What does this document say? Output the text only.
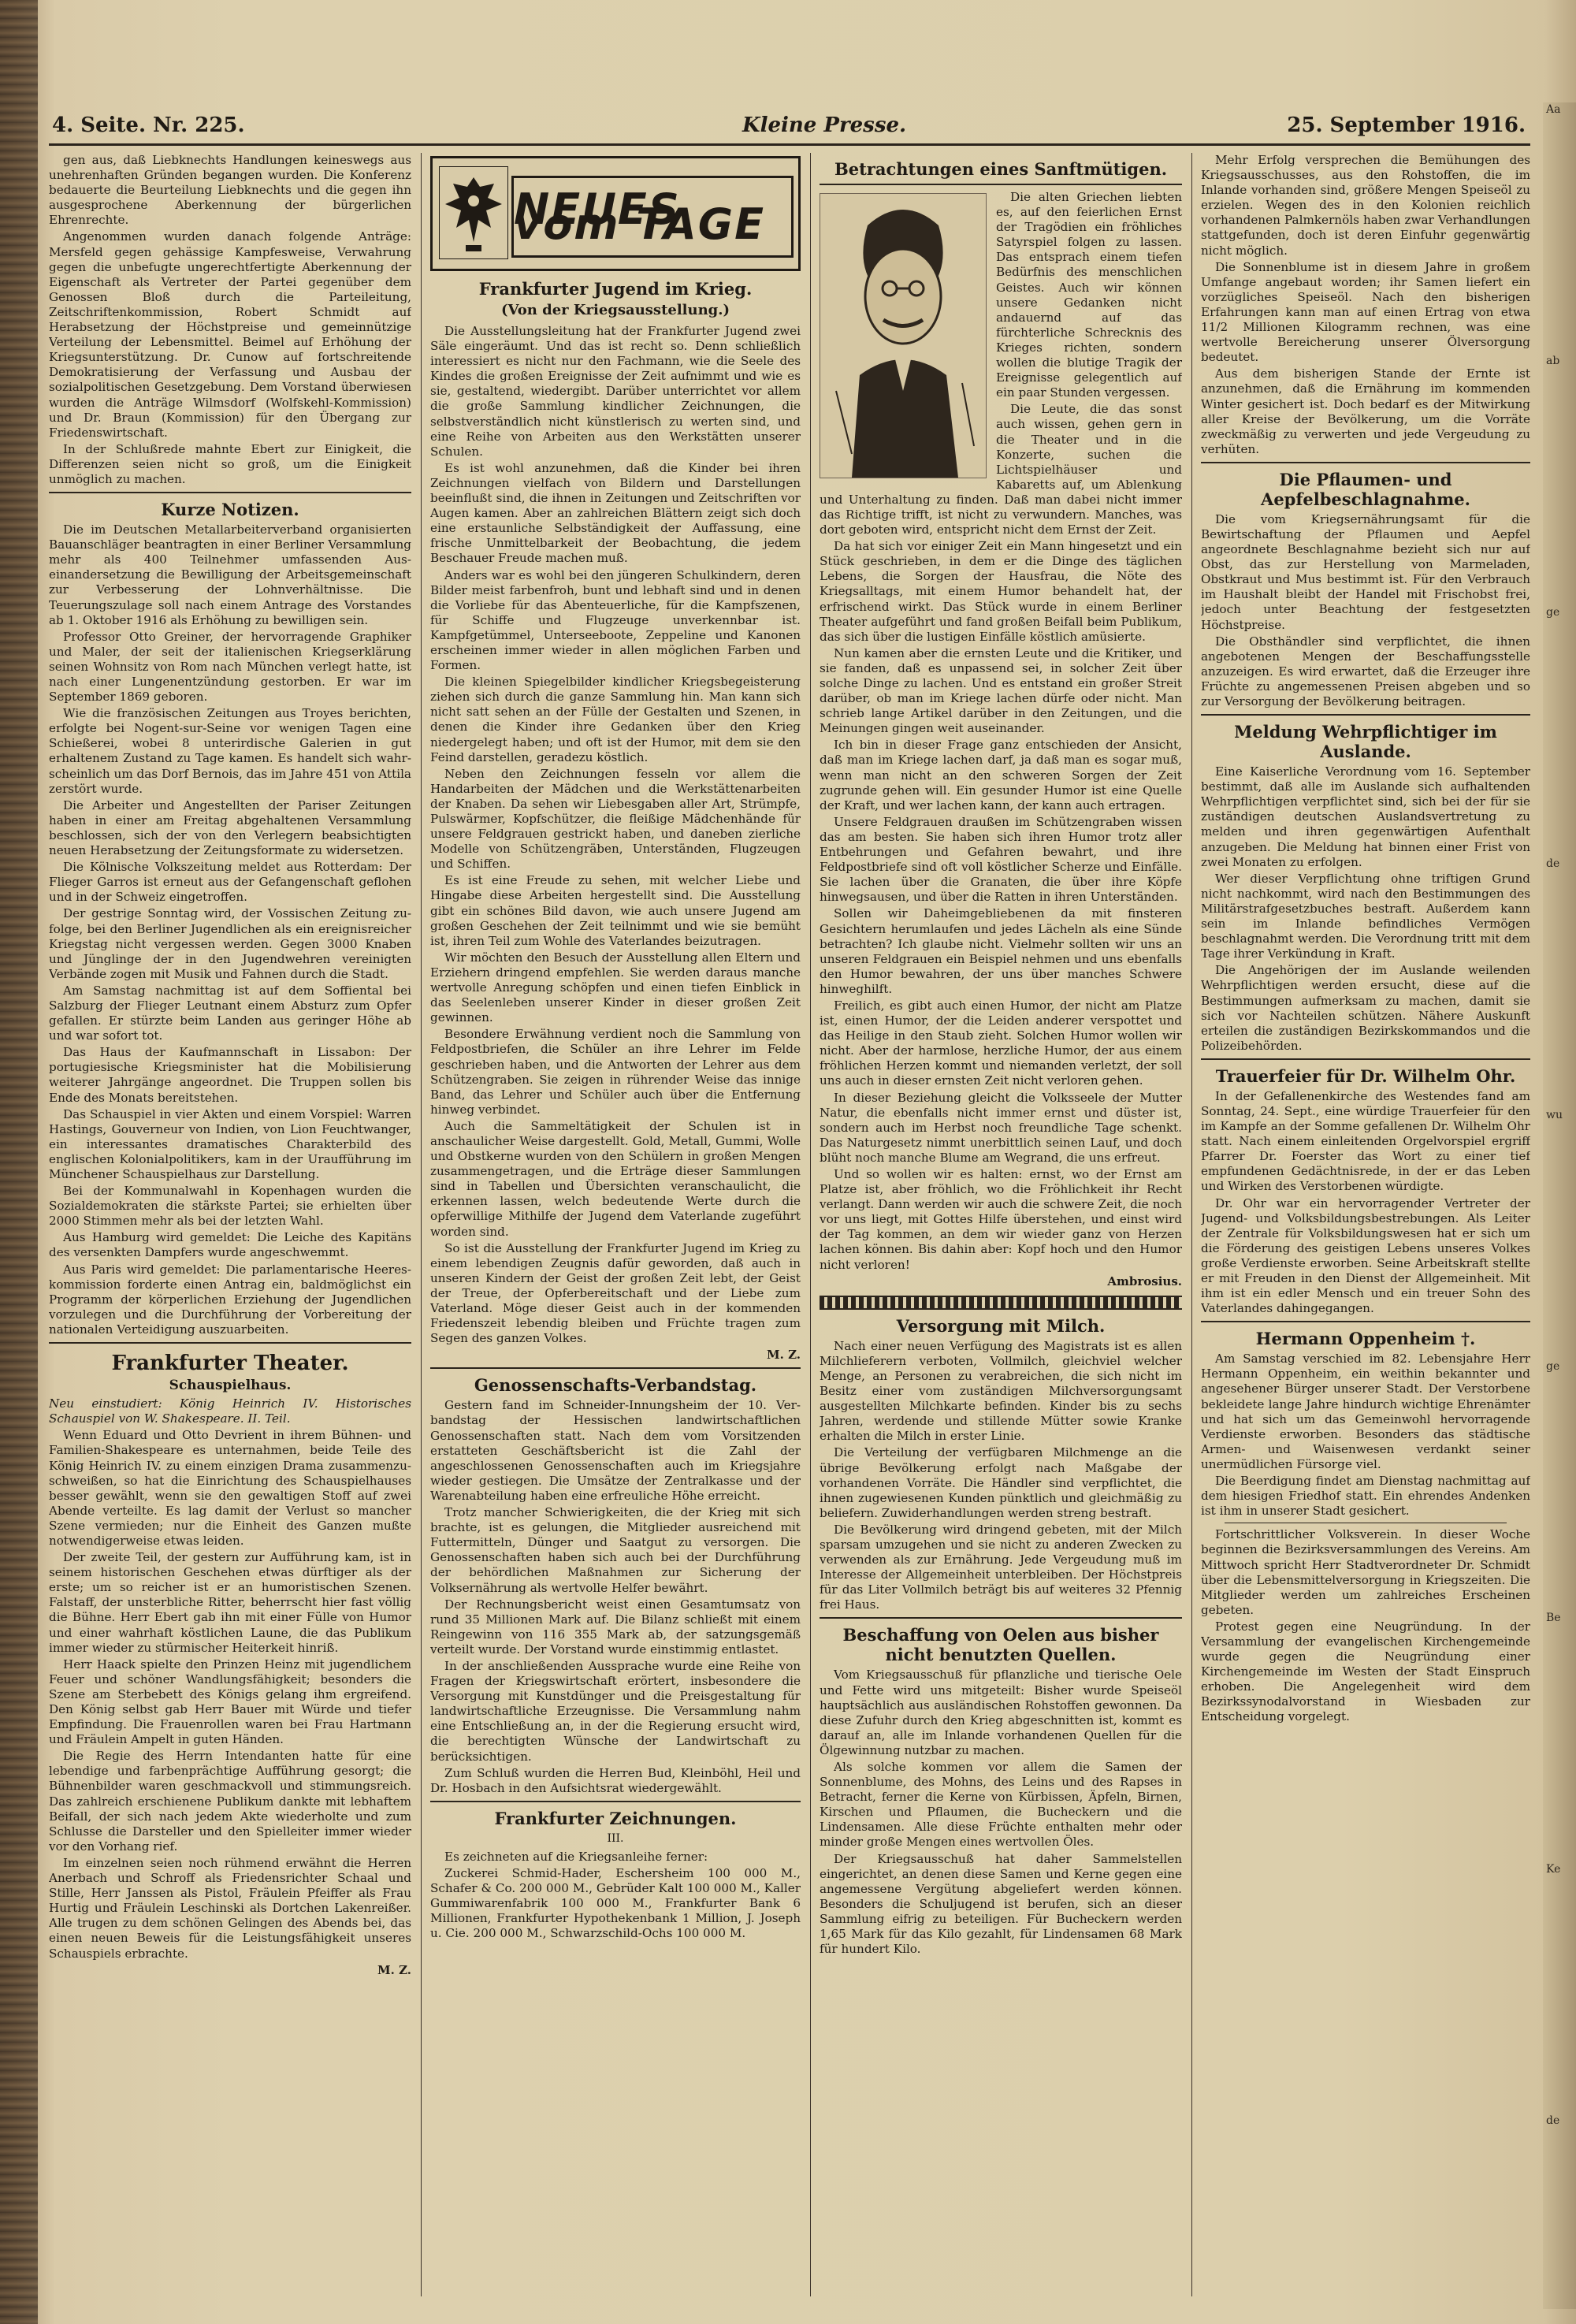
Aa
ab
ge
de
wu
ge
Be
Ke
de
4. Seite. Nr. 225.	Kleine Presse.	25. September 1916.

gen aus, daß Liebknechts Handlungen keineswegs aus unehrenhaften Gründen begangen wurden. Die Konferenz bedauerte die Beurteilung Liebknechts und die gegen ihn ausgesprochene Aberkennung der bürgerlichen Ehrenrechte.

Angenommen wurden danach folgende Anträge: Mersfeld gegen gehässige Kampfesweise, Verwahrung gegen die unbefugte ungerechtfertigte Aberkennung der Eigenschaft als Vertreter der Partei gegenüber dem Genossen Bloß durch die Parteileitung, Zeitschriftenkommission, Robert Schmidt auf Herabsetzung der Höchstpreise und gemeinnützige Verteilung der Lebensmittel. Beimel auf Erhöhung der Kriegsunterstützung. Dr. Cunow auf fortschreitende Demokratisierung der Verfassung und Ausbau der sozialpolitischen Gesetzgebung. Dem Vorstand überwiesen wurden die Anträge Wilmsdorf (Wolfskehl-Kommission) und Dr. Braun (Kommission) für den Übergang zur Friedenswirtschaft.

In der Schlußrede mahnte Ebert zur Einigkeit, die Differenzen seien nicht so groß, um die Einigkeit unmöglich zu machen.

Kurze Notizen.

Die im Deutschen Metallarbeiterverband organisierten Bauanschläger beantragten in einer Berliner Versammlung mehr als 400 Teilnehmer umfassenden Auseinandersetzung die Bewilligung der Arbeitsgemeinschaft zur Verbesserung der Lohnverhältnisse. Die Teuerungszulage soll nach einem Antrage des Vorstandes ab 1. Oktober 1916 als Erhöhung zu bewilligen sein.

Professor Otto Greiner, der hervorragende Graphiker und Maler, der seit der italienischen Kriegserklärung seinen Wohnsitz von Rom nach München verlegt hatte, ist nach einer Lungenentzündung gestorben. Er war im September 1869 geboren.

Wie die französischen Zeitungen aus Troyes berichten, erfolgte bei Nogent-sur-Seine vor wenigen Tagen eine Schießerei, wobei 8 unterirdische Galerien in gut erhaltenem Zustand zu Tage kamen. Es handelt sich wahrscheinlich um das Dorf Bernois, das im Jahre 451 von Attila zerstört wurde.

Die Arbeiter und Angestellten der Pariser Zeitungen haben in einer am Freitag abgehaltenen Versammlung beschlossen, sich der von den Verlegern beabsichtigten neuen Herabsetzung der Zeitungsformate zu widersetzen.

Die Kölnische Volkszeitung meldet aus Rotterdam: Der Flieger Garros ist erneut aus der Gefangenschaft geflohen und in der Schweiz eingetroffen.

Der gestrige Sonntag wird, der Vossischen Zeitung zufolge, bei den Berliner Jugendlichen als ein ereignisreicher Kriegstag nicht vergessen werden. Gegen 3000 Knaben und Jünglinge der in den Jugendwehren vereinigten Verbände zogen mit Musik und Fahnen durch die Stadt.

Am Samstag nachmittag ist auf dem Soffiental bei Salzburg der Flieger Leutnant einem Absturz zum Opfer gefallen. Er stürzte beim Landen aus geringer Höhe ab und war sofort tot.

Das Haus der Kaufmannschaft in Lissabon: Der portugiesische Kriegsminister hat die Mobilisierung weiterer Jahrgänge angeordnet. Die Truppen sollen bis Ende des Monats bereitstehen.

Das Schauspiel in vier Akten und einem Vorspiel: Warren Hastings, Gouverneur von Indien, von Lion Feuchtwanger, ein interessantes dramatisches Charakterbild des englischen Kolonialpolitikers, kam in der Uraufführung im Münchener Schauspielhaus zur Darstellung.

Bei der Kommunalwahl in Kopenhagen wurden die Sozialdemokraten die stärkste Partei; sie erhielten über 2000 Stimmen mehr als bei der letzten Wahl.

Aus Hamburg wird gemeldet: Die Leiche des Kapitäns des versenkten Dampfers wurde angeschwemmt.

Aus Paris wird gemeldet: Die parlamentarische Heereskommission forderte einen Antrag ein, baldmöglichst ein Programm der körperlichen Erziehung der Jugendlichen vorzulegen und die Durchführung der Vorbereitung der nationalen Verteidigung auszuarbeiten.

Frankfurter Theater.
Schauspielhaus.

Neu einstudiert: König Heinrich IV. Historisches Schauspiel von W. Shakespeare. II. Teil.

Wenn Eduard und Otto Devrient in ihrem Bühnen- und Familien-Shakespeare es unternahmen, beide Teile des König Heinrich IV. zu einem einzigen Drama zusammenzuschweißen, so hat die Einrichtung des Schauspielhauses besser gewählt, wenn sie den gewaltigen Stoff auf zwei Abende verteilte. Es lag damit der Verlust so mancher Szene vermieden; nur die Einheit des Ganzen mußte notwendigerweise etwas leiden.

Der zweite Teil, der gestern zur Aufführung kam, ist in seinem historischen Geschehen etwas dürftiger als der erste; um so reicher ist er an humoristischen Szenen. Falstaff, der unsterbliche Ritter, beherrscht hier fast völlig die Bühne. Herr Ebert gab ihn mit einer Fülle von Humor und einer wahrhaft köstlichen Laune, die das Publikum immer wieder zu stürmischer Heiterkeit hinriß.

Herr Haack spielte den Prinzen Heinz mit jugendlichem Feuer und schöner Wandlungsfähigkeit; besonders die Szene am Sterbebett des Königs gelang ihm ergreifend. Den König selbst gab Herr Bauer mit Würde und tiefer Empfindung. Die Frauenrollen waren bei Frau Hartmann und Fräulein Ampelt in guten Händen.

Die Regie des Herrn Intendanten hatte für eine lebendige und farbenprächtige Aufführung gesorgt; die Bühnenbilder waren geschmackvoll und stimmungsreich. Das zahlreich erschienene Publikum dankte mit lebhaftem Beifall, der sich nach jedem Akte wiederholte und zum Schlusse die Darsteller und den Spielleiter immer wieder vor den Vorhang rief.

Im einzelnen seien noch rühmend erwähnt die Herren Anerbach und Schroff als Friedensrichter Schaal und Stille, Herr Janssen als Pistol, Fräulein Pfeiffer als Frau Hurtig und Fräulein Leschinski als Dortchen Lakenreißer. Alle trugen zu dem schönen Gelingen des Abends bei, das einen neuen Beweis für die Leistungsfähigkeit unseres Schauspiels erbrachte.

M. Z.
NEUES vom TAGE
Frankfurter Jugend im Krieg.
(Von der Kriegsausstellung.)

Die Ausstellungsleitung hat der Frankfurter Jugend zwei Säle eingeräumt. Und das ist recht so. Denn schließlich interessiert es nicht nur den Fachmann, wie die Seele des Kindes die großen Ereignisse der Zeit aufnimmt und wie es sie, gestaltend, wiedergibt. Darüber unterrichtet vor allem die große Sammlung kindlicher Zeichnungen, die selbstverständlich nicht künstlerisch zu werten sind, und eine Reihe von Arbeiten aus den Werkstätten unserer Schulen.

Es ist wohl anzunehmen, daß die Kinder bei ihren Zeichnungen vielfach von Bildern und Darstellungen beeinflußt sind, die ihnen in Zeitungen und Zeitschriften vor Augen kamen. Aber an zahlreichen Blättern zeigt sich doch eine erstaunliche Selbständigkeit der Auffassung, eine frische Unmittelbarkeit der Beobachtung, die jedem Beschauer Freude machen muß.

Anders war es wohl bei den jüngeren Schulkindern, deren Bilder meist farbenfroh, bunt und lebhaft sind und in denen die Vorliebe für das Abenteuerliche, für die Kampfszenen, für Schiffe und Flugzeuge unverkennbar ist. Kampfgetümmel, Unterseeboote, Zeppeline und Kanonen erscheinen immer wieder in allen möglichen Farben und Formen.

Die kleinen Spiegelbilder kindlicher Kriegsbegeisterung ziehen sich durch die ganze Sammlung hin. Man kann sich nicht satt sehen an der Fülle der Gestalten und Szenen, in denen die Kinder ihre Gedanken über den Krieg niedergelegt haben; und oft ist der Humor, mit dem sie den Feind darstellen, geradezu köstlich.

Neben den Zeichnungen fesseln vor allem die Handarbeiten der Mädchen und die Werkstättenarbeiten der Knaben. Da sehen wir Liebesgaben aller Art, Strümpfe, Pulswärmer, Kopfschützer, die fleißige Mädchenhände für unsere Feldgrauen gestrickt haben, und daneben zierliche Modelle von Schützengräben, Unterständen, Flugzeugen und Schiffen.

Es ist eine Freude zu sehen, mit welcher Liebe und Hingabe diese Arbeiten hergestellt sind. Die Ausstellung gibt ein schönes Bild davon, wie auch unsere Jugend am großen Geschehen der Zeit teilnimmt und wie sie bemüht ist, ihren Teil zum Wohle des Vaterlandes beizutragen.

Wir möchten den Besuch der Ausstellung allen Eltern und Erziehern dringend empfehlen. Sie werden daraus manche wertvolle Anregung schöpfen und einen tiefen Einblick in das Seelenleben unserer Kinder in dieser großen Zeit gewinnen.

Besondere Erwähnung verdient noch die Sammlung von Feldpostbriefen, die Schüler an ihre Lehrer im Felde geschrieben haben, und die Antworten der Lehrer aus dem Schützengraben. Sie zeigen in rührender Weise das innige Band, das Lehrer und Schüler auch über die Entfernung hinweg verbindet.

Auch die Sammeltätigkeit der Schulen ist in anschaulicher Weise dargestellt. Gold, Metall, Gummi, Wolle und Obstkerne wurden von den Schülern in großen Mengen zusammengetragen, und die Erträge dieser Sammlungen sind in Tabellen und Übersichten veranschaulicht, die erkennen lassen, welch bedeutende Werte durch die opferwillige Mithilfe der Jugend dem Vaterlande zugeführt worden sind.

So ist die Ausstellung der Frankfurter Jugend im Krieg zu einem lebendigen Zeugnis dafür geworden, daß auch in unseren Kindern der Geist der großen Zeit lebt, der Geist der Treue, der Opferbereitschaft und der Liebe zum Vaterland. Möge dieser Geist auch in der kommenden Friedenszeit lebendig bleiben und Früchte tragen zum Segen des ganzen Volkes.

M. Z.
Genossenschafts-Verbandstag.

Gestern fand im Schneider-Innungsheim der 10. Verbandstag der Hessischen landwirtschaftlichen Genossenschaften statt. Nach dem vom Vorsitzenden erstatteten Geschäftsbericht ist die Zahl der angeschlossenen Genossenschaften auch im Kriegsjahre wieder gestiegen. Die Umsätze der Zentralkasse und der Warenabteilung haben eine erfreuliche Höhe erreicht.

Trotz mancher Schwierigkeiten, die der Krieg mit sich brachte, ist es gelungen, die Mitglieder ausreichend mit Futtermitteln, Dünger und Saatgut zu versorgen. Die Genossenschaften haben sich auch bei der Durchführung der behördlichen Maßnahmen zur Sicherung der Volksernährung als wertvolle Helfer bewährt.

Der Rechnungsbericht weist einen Gesamtumsatz von rund 35 Millionen Mark auf. Die Bilanz schließt mit einem Reingewinn von 116 355 Mark ab, der satzungsgemäß verteilt wurde. Der Vorstand wurde einstimmig entlastet.

In der anschließenden Aussprache wurde eine Reihe von Fragen der Kriegswirtschaft erörtert, insbesondere die Versorgung mit Kunstdünger und die Preisgestaltung für landwirtschaftliche Erzeugnisse. Die Versammlung nahm eine Entschließung an, in der die Regierung ersucht wird, die berechtigten Wünsche der Landwirtschaft zu berücksichtigen.

Zum Schluß wurden die Herren Bud, Kleinböhl, Heil und Dr. Hosbach in den Aufsichtsrat wiedergewählt.

Frankfurter Zeichnungen.
III.

Es zeichneten auf die Kriegsanleihe ferner:

Zuckerei Schmid-Hader, Eschersheim 100 000 M., Schafer & Co. 200 000 M., Gebrüder Kalt 100 000 M., Kaller Gummiwarenfabrik 100 000 M., Frankfurter Bank 6 Millionen, Frankfurter Hypothekenbank 1 Million, J. Joseph u. Cie. 200 000 M., Schwarzschild-Ochs 100 000 M.

Betrachtungen eines Sanftmütigen.

Die alten Griechen liebten es, auf den feierlichen Ernst der Tragödien ein fröhliches Satyrspiel folgen zu lassen. Das entsprach einem tiefen Bedürfnis des menschlichen Geistes. Auch wir können unsere Gedanken nicht andauernd auf das fürchterliche Schrecknis des Krieges richten, sondern wollen die blutige Tragik der Ereignisse gelegentlich auf ein paar Stunden vergessen.

Die Leute, die das sonst auch wissen, gehen gern in die Theater und in die Konzerte, suchen die Lichtspielhäuser und Kabaretts auf, um Ablenkung und Unterhaltung zu finden. Daß man dabei nicht immer das Richtige trifft, ist nicht zu verwundern. Manches, was dort geboten wird, entspricht nicht dem Ernst der Zeit.

Da hat sich vor einiger Zeit ein Mann hingesetzt und ein Stück geschrieben, in dem er die Dinge des täglichen Lebens, die Sorgen der Hausfrau, die Nöte des Kriegsalltags, mit einem Humor behandelt hat, der erfrischend wirkt. Das Stück wurde in einem Berliner Theater aufgeführt und fand großen Beifall beim Publikum, das sich über die lustigen Einfälle köstlich amüsierte.

Nun kamen aber die ernsten Leute und die Kritiker, und sie fanden, daß es unpassend sei, in solcher Zeit über solche Dinge zu lachen. Und es entstand ein großer Streit darüber, ob man im Kriege lachen dürfe oder nicht. Man schrieb lange Artikel darüber in den Zeitungen, und die Meinungen gingen weit auseinander.

Ich bin in dieser Frage ganz entschieden der Ansicht, daß man im Kriege lachen darf, ja daß man es sogar muß, wenn man nicht an den schweren Sorgen der Zeit zugrunde gehen will. Ein gesunder Humor ist eine Quelle der Kraft, und wer lachen kann, der kann auch ertragen.

Unsere Feldgrauen draußen im Schützengraben wissen das am besten. Sie haben sich ihren Humor trotz aller Entbehrungen und Gefahren bewahrt, und ihre Feldpostbriefe sind oft voll köstlicher Scherze und Einfälle. Sie lachen über die Granaten, die über ihre Köpfe hinwegsausen, und über die Ratten in ihren Unterständen.

Sollen wir Daheimgebliebenen da mit finsteren Gesichtern herumlaufen und jedes Lächeln als eine Sünde betrachten? Ich glaube nicht. Vielmehr sollten wir uns an unseren Feldgrauen ein Beispiel nehmen und uns ebenfalls den Humor bewahren, der uns über manches Schwere hinweghilft.

Freilich, es gibt auch einen Humor, der nicht am Platze ist, einen Humor, der die Leiden anderer verspottet und das Heilige in den Staub zieht. Solchen Humor wollen wir nicht. Aber der harmlose, herzliche Humor, der aus einem fröhlichen Herzen kommt und niemanden verletzt, der soll uns auch in dieser ernsten Zeit nicht verloren gehen.

In dieser Beziehung gleicht die Volksseele der Mutter Natur, die ebenfalls nicht immer ernst und düster ist, sondern auch im Herbst noch freundliche Tage schenkt. Das Naturgesetz nimmt unerbittlich seinen Lauf, und doch blüht noch manche Blume am Wegrand, die uns erfreut.

Und so wollen wir es halten: ernst, wo der Ernst am Platze ist, aber fröhlich, wo die Fröhlichkeit ihr Recht verlangt. Dann werden wir auch die schwere Zeit, die noch vor uns liegt, mit Gottes Hilfe überstehen, und einst wird der Tag kommen, an dem wir wieder ganz von Herzen lachen können. Bis dahin aber: Kopf hoch und den Humor nicht verloren!

Ambrosius.
Versorgung mit Milch.

Nach einer neuen Verfügung des Magistrats ist es allen Milchlieferern verboten, Vollmilch, gleichviel welcher Menge, an Personen zu verabreichen, die sich nicht im Besitz einer vom zuständigen Milchversorgungsamt ausgestellten Milchkarte befinden. Kinder bis zu sechs Jahren, werdende und stillende Mütter sowie Kranke erhalten die Milch in erster Linie.

Die Verteilung der verfügbaren Milchmenge an die übrige Bevölkerung erfolgt nach Maßgabe der vorhandenen Vorräte. Die Händler sind verpflichtet, die ihnen zugewiesenen Kunden pünktlich und gleichmäßig zu beliefern. Zuwiderhandlungen werden streng bestraft.

Die Bevölkerung wird dringend gebeten, mit der Milch sparsam umzugehen und sie nicht zu anderen Zwecken zu verwenden als zur Ernährung. Jede Vergeudung muß im Interesse der Allgemeinheit unterbleiben. Der Höchstpreis für das Liter Vollmilch beträgt bis auf weiteres 32 Pfennig frei Haus.

Beschaffung von Oelen aus bisher nicht benutzten Quellen.

Vom Kriegsausschuß für pflanzliche und tierische Oele und Fette wird uns mitgeteilt: Bisher wurde Speiseöl hauptsächlich aus ausländischen Rohstoffen gewonnen. Da diese Zufuhr durch den Krieg abgeschnitten ist, kommt es darauf an, alle im Inlande vorhandenen Quellen für die Ölgewinnung nutzbar zu machen.

Als solche kommen vor allem die Samen der Sonnenblume, des Mohns, des Leins und des Rapses in Betracht, ferner die Kerne von Kürbissen, Äpfeln, Birnen, Kirschen und Pflaumen, die Bucheckern und die Lindensamen. Alle diese Früchte enthalten mehr oder minder große Mengen eines wertvollen Öles.

Der Kriegsausschuß hat daher Sammelstellen eingerichtet, an denen diese Samen und Kerne gegen eine angemessene Vergütung abgeliefert werden können. Besonders die Schuljugend ist berufen, sich an dieser Sammlung eifrig zu beteiligen. Für Bucheckern werden 1,65 Mark für das Kilo gezahlt, für Lindensamen 68 Mark für hundert Kilo.

Mehr Erfolg versprechen die Bemühungen des Kriegsausschusses, aus den Rohstoffen, die im Inlande vorhanden sind, größere Mengen Speiseöl zu erzielen. Wegen des in den Kolonien reichlich vorhandenen Palmkernöls haben zwar Verhandlungen stattgefunden, doch ist deren Einfuhr gegenwärtig nicht möglich.

Die Sonnenblume ist in diesem Jahre in großem Umfange angebaut worden; ihr Samen liefert ein vorzügliches Speiseöl. Nach den bisherigen Erfahrungen kann man auf einen Ertrag von etwa 11/2 Millionen Kilogramm rechnen, was eine wertvolle Bereicherung unserer Ölversorgung bedeutet.

Aus dem bisherigen Stande der Ernte ist anzunehmen, daß die Ernährung im kommenden Winter gesichert ist. Doch bedarf es der Mitwirkung aller Kreise der Bevölkerung, um die Vorräte zweckmäßig zu verwerten und jede Vergeudung zu verhüten.

Die Pflaumen- und Aepfelbeschlagnahme.

Die vom Kriegsernährungsamt für die Bewirtschaftung der Pflaumen und Aepfel angeordnete Beschlagnahme bezieht sich nur auf Obst, das zur Herstellung von Marmeladen, Obstkraut und Mus bestimmt ist. Für den Verbrauch im Haushalt bleibt der Handel mit Frischobst frei, jedoch unter Beachtung der festgesetzten Höchstpreise.

Die Obsthändler sind verpflichtet, die ihnen angebotenen Mengen der Beschaffungsstelle anzuzeigen. Es wird erwartet, daß die Erzeuger ihre Früchte zu angemessenen Preisen abgeben und so zur Versorgung der Bevölkerung beitragen.

Meldung Wehrpflichtiger im Auslande.

Eine Kaiserliche Verordnung vom 16. September bestimmt, daß alle im Auslande sich aufhaltenden Wehrpflichtigen verpflichtet sind, sich bei der für sie zuständigen deutschen Auslandsvertretung zu melden und ihren gegenwärtigen Aufenthalt anzugeben. Die Meldung hat binnen einer Frist von zwei Monaten zu erfolgen.

Wer dieser Verpflichtung ohne triftigen Grund nicht nachkommt, wird nach den Bestimmungen des Militärstrafgesetzbuches bestraft. Außerdem kann sein im Inlande befindliches Vermögen beschlagnahmt werden. Die Verordnung tritt mit dem Tage ihrer Verkündung in Kraft.

Die Angehörigen der im Auslande weilenden Wehrpflichtigen werden ersucht, diese auf die Bestimmungen aufmerksam zu machen, damit sie sich vor Nachteilen schützen. Nähere Auskunft erteilen die zuständigen Bezirkskommandos und die Polizeibehörden.

Trauerfeier für Dr. Wilhelm Ohr.

In der Gefallenenkirche des Westendes fand am Sonntag, 24. Sept., eine würdige Trauerfeier für den im Kampfe an der Somme gefallenen Dr. Wilhelm Ohr statt. Nach einem einleitenden Orgelvorspiel ergriff Pfarrer Dr. Foerster das Wort zu einer tief empfundenen Gedächtnisrede, in der er das Leben und Wirken des Verstorbenen würdigte.

Dr. Ohr war ein hervorragender Vertreter der Jugend- und Volksbildungsbestrebungen. Als Leiter der Zentrale für Volksbildungswesen hat er sich um die Förderung des geistigen Lebens unseres Volkes große Verdienste erworben. Seine Arbeitskraft stellte er mit Freuden in den Dienst der Allgemeinheit. Mit ihm ist ein edler Mensch und ein treuer Sohn des Vaterlandes dahingegangen.

Hermann Oppenheim †.

Am Samstag verschied im 82. Lebensjahre Herr Hermann Oppenheim, ein weithin bekannter und angesehener Bürger unserer Stadt. Der Verstorbene bekleidete lange Jahre hindurch wichtige Ehrenämter und hat sich um das Gemeinwohl hervorragende Verdienste erworben. Besonders das städtische Armen- und Waisenwesen verdankt seiner unermüdlichen Fürsorge viel.

Die Beerdigung findet am Dienstag nachmittag auf dem hiesigen Friedhof statt. Ein ehrendes Andenken ist ihm in unserer Stadt gesichert.

Fortschrittlicher Volksverein. In dieser Woche beginnen die Bezirksversammlungen des Vereins. Am Mittwoch spricht Herr Stadtverordneter Dr. Schmidt über die Lebensmittelversorgung in Kriegszeiten. Die Mitglieder werden um zahlreiches Erscheinen gebeten.

Protest gegen eine Neugründung. In der Versammlung der evangelischen Kirchengemeinde wurde gegen die Neugründung einer Kirchengemeinde im Westen der Stadt Einspruch erhoben. Die Angelegenheit wird dem Bezirkssynodalvorstand in Wiesbaden zur Entscheidung vorgelegt.
